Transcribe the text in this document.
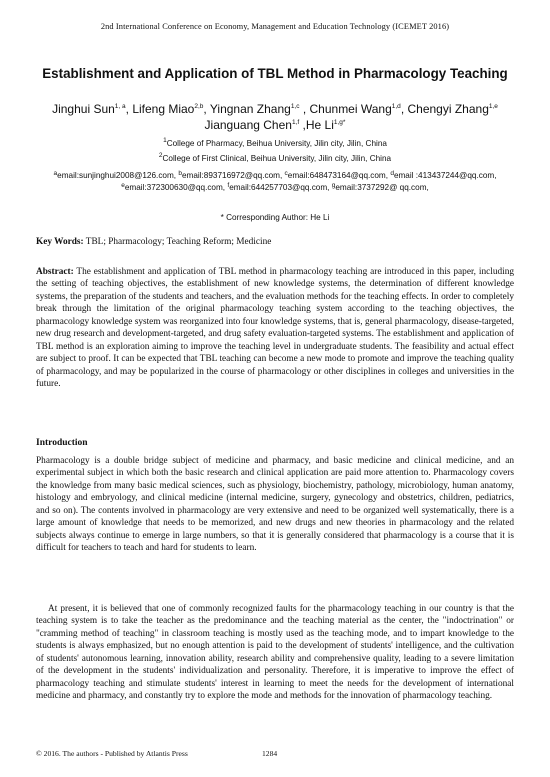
2nd International Conference on Economy, Management and Education Technology (ICEMET 2016)
Establishment and Application of TBL Method in Pharmacology Teaching
Jinghui Sun$^{1, a}$, Lifeng Miao$^{2,b}$, Yingnan Zhang$^{1,c}$ , Chunmei Wang$^{1,d}$, Chengyi Zhang$^{1,e}$ Jianguang Chen$^{1,f}$ ,He $Li^{1,g*}$
$^1$College of Pharmacy, Beihua University, Jilin city, Jilin, China
$^2$College of First Clinical, Beihua University, Jilin city, Jilin, China
$^a$email:sunjinghui2008@126.com, $^b$email:893716972@qq.com, $^c$email:648473164@qq.com, $^d$email :413437244@qq.com, $^e$email:372300630@qq.com, $^f$email:644257703@qq.com, $^g$email:3737292@ qq.com,
* Corresponding Author: He Li
Key Words: TBL; Pharmacology; Teaching Reform; Medicine
Abstract: The establishment and application of TBL method in pharmacology teaching are introduced in this paper, including the setting of teaching objectives, the establishment of new knowledge systems, the determination of different knowledge systems, the preparation of the students and teachers, and the evaluation methods for the teaching effects. In order to completely break through the limitation of the original pharmacology teaching system according to the teaching objectives, the pharmacology knowledge system was reorganized into four knowledge systems, that is, general pharmacology, disease-targeted, new drug research and development-targeted, and drug safety evaluation-targeted systems. The establishment and application of TBL method is an exploration aiming to improve the teaching level in undergraduate students. The feasibility and actual effect are subject to proof. It can be expected that TBL teaching can become a new mode to promote and improve the teaching quality of pharmacology, and may be popularized in the course of pharmacology or other disciplines in colleges and universities in the future.
Introduction
Pharmacology is a double bridge subject of medicine and pharmacy, and basic medicine and clinical medicine, and an experimental subject in which both the basic research and clinical application are paid more attention to. Pharmacology covers the knowledge from many basic medical sciences, such as physiology, biochemistry, pathology, microbiology, human anatomy, histology and embryology, and clinical medicine (internal medicine, surgery, gynecology and obstetrics, children, pediatrics, and so on). The contents involved in pharmacology are very extensive and need to be organized well systematically, there is a large amount of knowledge that needs to be memorized, and new drugs and new theories in pharmacology and the related subjects always continue to emerge in large numbers, so that it is generally considered that pharmacology is a course that it is difficult for teachers to teach and hard for students to learn.
At present, it is believed that one of commonly recognized faults for the pharmacology teaching in our country is that the teaching system is to take the teacher as the predominance and the teaching material as the center, the "indoctrination" or "cramming method of teaching" in classroom teaching is mostly used as the teaching mode, and to impart knowledge to the students is always emphasized, but no enough attention is paid to the development of students' intelligence, and the cultivation of students' autonomous learning, innovation ability, research ability and comprehensive quality, leading to a severe limitation of the development in the students' individualization and personality. Therefore, it is imperative to improve the effect of pharmacology teaching and stimulate students' interest in learning to meet the needs for the development of international medicine and pharmacy, and constantly try to explore the mode and methods for the innovation of pharmacology teaching.
© 2016. The authors - Published by Atlantis Press	1284
